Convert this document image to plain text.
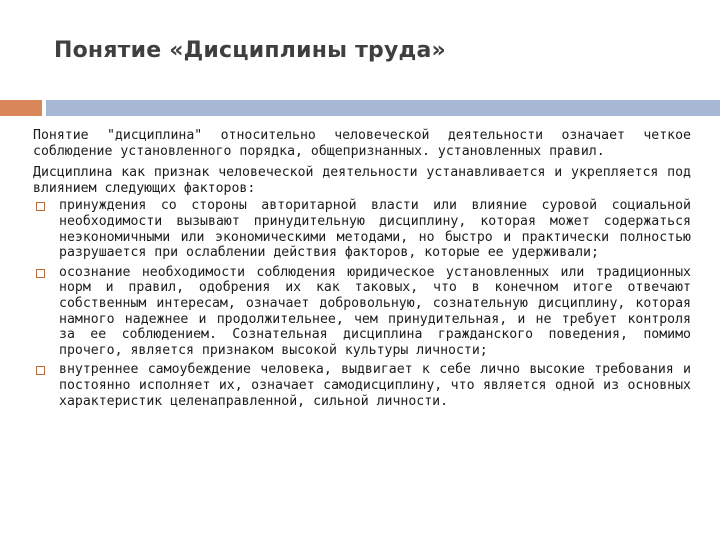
Понятие «Дисциплины труда»

Понятие "дисциплина" относительно человеческой деятельности означает четкое соблюдение установленного порядка, общепризнанных. установленных правил.

Дисциплина как признак человеческой деятельности устанавливается и укрепляется под влиянием следующих факторов:

принуждения со стороны авторитарной власти или влияние суровой социальной необходимости вызывают принудительную дисциплину, которая может содержаться неэкономичными или экономическими методами, но быстро и практически полностью разрушается при ослаблении действия факторов, которые ее удерживали;
осознание необходимости соблюдения юридическое установленных или традиционных норм и правил, одобрения их как таковых, что в конечном итоге отвечают собственным интересам, означает добровольную, сознательную дисциплину, которая намного надежнее и продолжительнее, чем принудительная, и не требует контроля за ее соблюдением. Сознательная дисциплина гражданского поведения, помимо прочего, является признаком высокой культуры личности;
внутреннее самоубеждение человека, выдвигает к себе лично высокие требования и постоянно исполняет их, означает самодисциплину, что является одной из основных характеристик целенаправленной, сильной личности.
